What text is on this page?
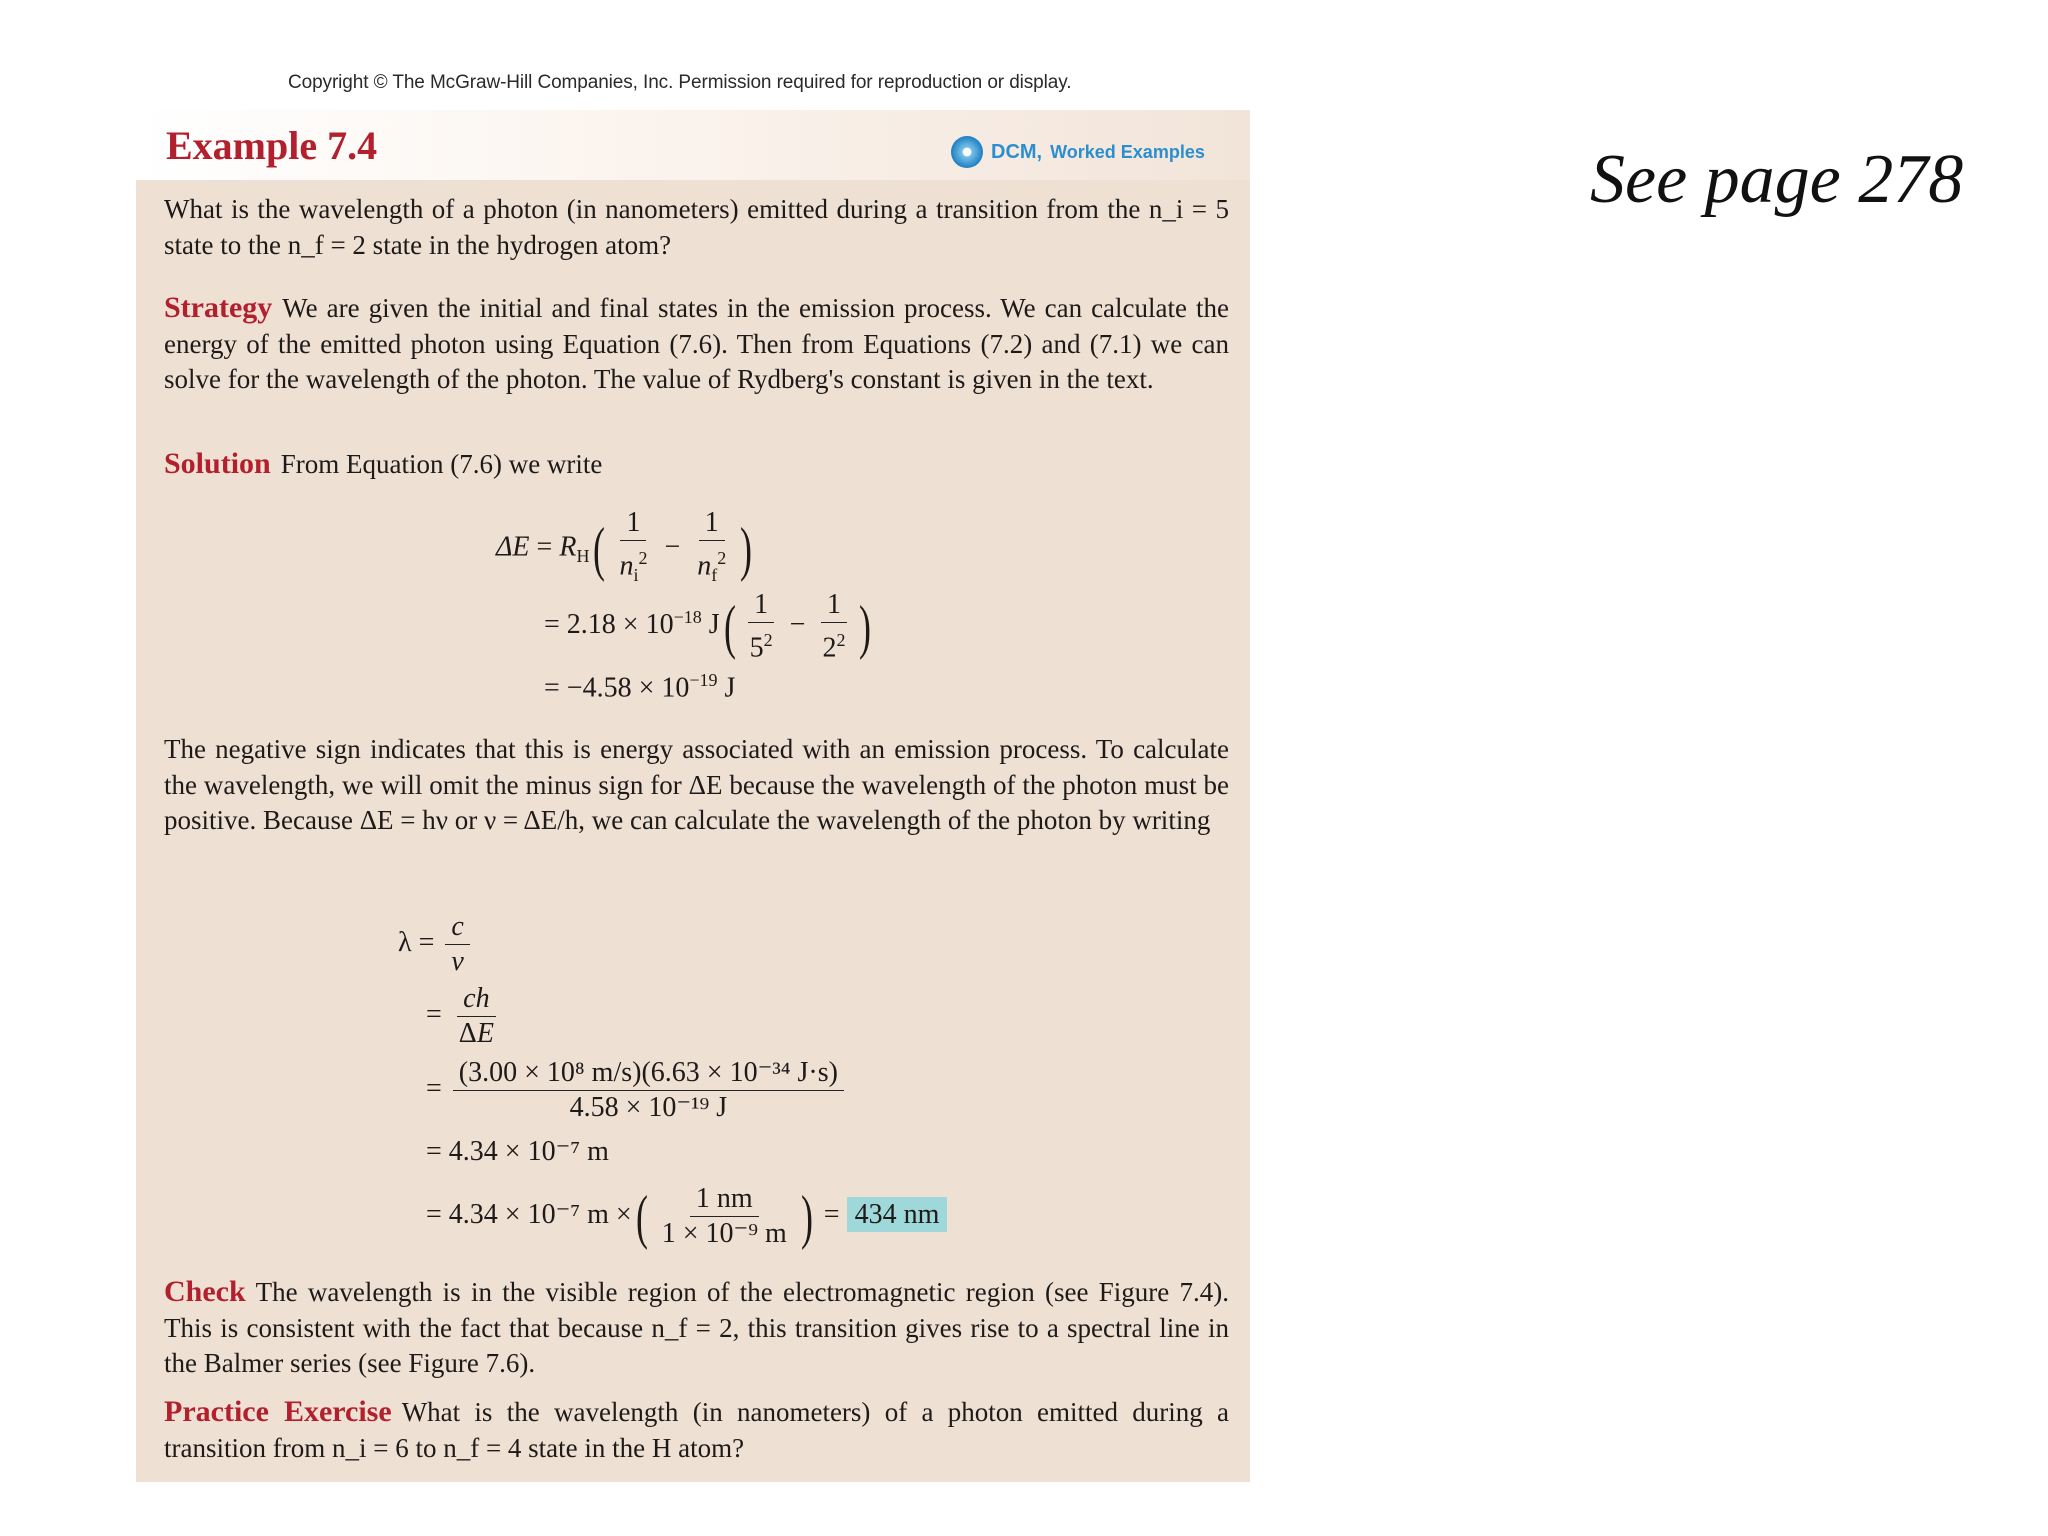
Copyright © The McGraw-Hill Companies, Inc. Permission required for reproduction or display.
See page 278
Example 7.4	DCM, Worked Examples
What is the wavelength of a photon (in nanometers) emitted during a transition from the n_i = 5 state to the n_f = 2 state in the hydrogen atom?
Strategy We are given the initial and final states in the emission process. We can calculate the energy of the emitted photon using Equation (7.6). Then from Equations (7.2) and (7.1) we can solve for the wavelength of the photon. The value of Rydberg's constant is given in the text.
Solution From Equation (7.6) we write
$\Delta E = R_H( \frac{1}{n_i^2} - \frac{1}{n_f^2}$ )
= $2.18 \times 10^{-18}$ $J( \frac{1}{5^2} - \frac{1}{2^2}$ )
= $-4.58 \times 10^{-19}$ J
The negative sign indicates that this is energy associated with an emission process. To calculate the wavelength, we will omit the minus sign for ΔE because the wavelength of the photon must be positive. Because ΔE = hν or ν = ΔE/h, we can calculate the wavelength of the photon by writing
$\lambda = \frac{c}{\nu}$
= $\frac{ch}{\Delta E}$
= $\frac{\text{(3.00 × 10⁸ m/s)(6.63 × 10⁻³⁴ J·s)}}{\text{4.58 × 10⁻¹⁹ J}}$
= 4.34 × 10⁻⁷ m
= 4.34 × 10⁻⁷ m ×( $\frac{1 nm}{\text{1 × 10⁻⁹ m}}$ ) = 434 nm
Check The wavelength is in the visible region of the electromagnetic region (see Figure 7.4). This is consistent with the fact that because n_f = 2, this transition gives rise to a spectral line in the Balmer series (see Figure 7.6).
Practice Exercise What is the wavelength (in nanometers) of a photon emitted during a transition from n_i = 6 to n_f = 4 state in the H atom?
